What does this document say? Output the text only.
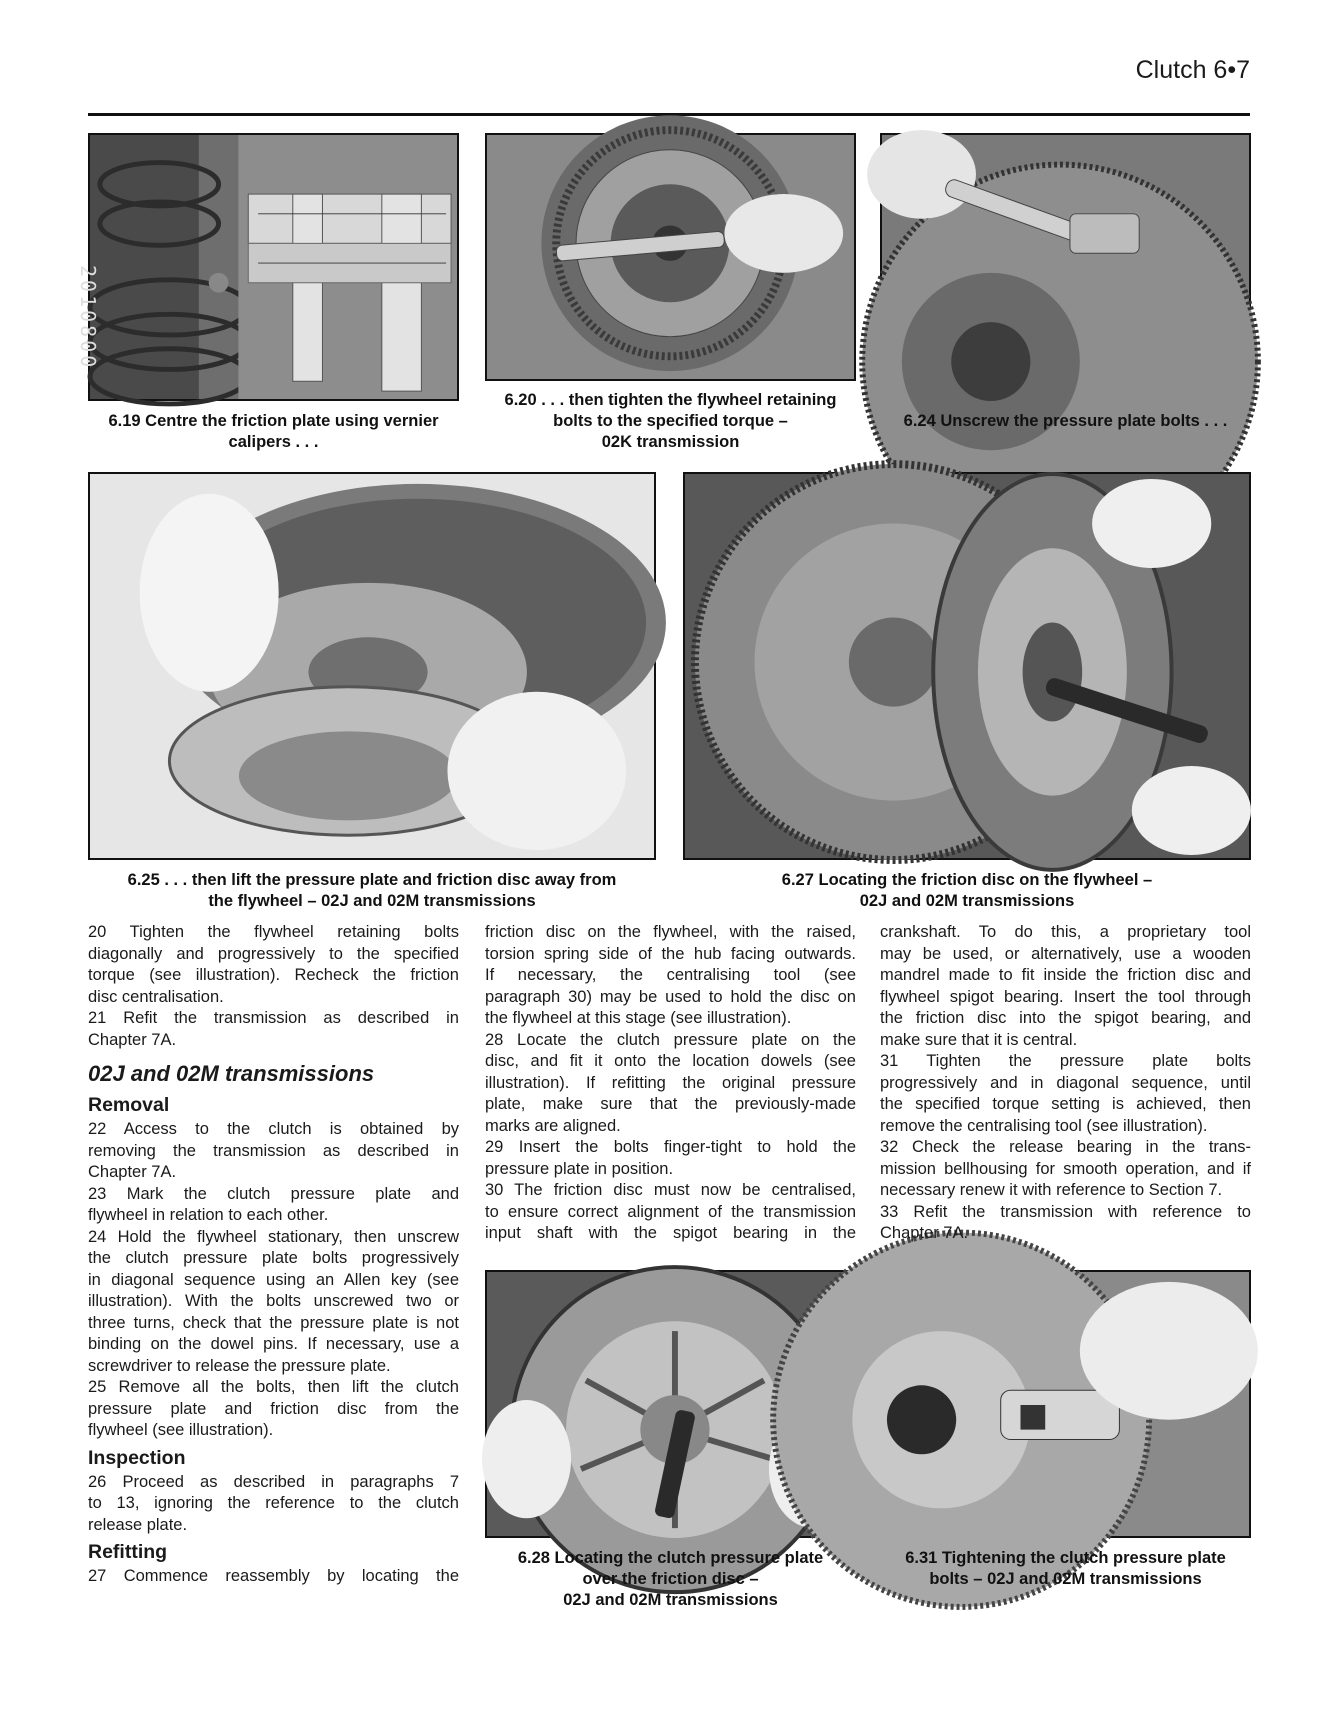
Clutch 6•7
2010800
6.19 Centre the friction plate using vernier
calipers . . .
6.20 . . . then tighten the flywheel retaining
bolts to the specified torque –
02K transmission
6.24 Unscrew the pressure plate bolts . . .
6.25 . . . then lift the pressure plate and friction disc away from
the flywheel – 02J and 02M transmissions
6.27 Locating the friction disc on the flywheel –
02J and 02M transmissions
6.28 Locating the clutch pressure plate
over the friction disc –
02J and 02M transmissions
6.31 Tightening the clutch pressure plate
bolts – 02J and 02M transmissions

20 Tighten the flywheel retaining bolts
diagonally and progressively to the specified
torque (see illustration). Recheck the friction
disc centralisation.

21 Refit the transmission as described in
Chapter 7A.

02J and 02M transmissions
Removal

22 Access to the clutch is obtained by
removing the transmission as described in
Chapter 7A.

23 Mark the clutch pressure plate and
flywheel in relation to each other.

24 Hold the flywheel stationary, then unscrew
the clutch pressure plate bolts progressively
in diagonal sequence using an Allen key (see
illustration). With the bolts unscrewed two or
three turns, check that the pressure plate is not
binding on the dowel pins. If necessary, use a
screwdriver to release the pressure plate.

25 Remove all the bolts, then lift the clutch
pressure plate and friction disc from the
flywheel (see illustration).

Inspection

26 Proceed as described in paragraphs 7
to 13, ignoring the reference to the clutch
release plate.

Refitting

27 Commence reassembly by locating the

friction disc on the flywheel, with the raised,
torsion spring side of the hub facing outwards.
If necessary, the centralising tool (see
paragraph 30) may be used to hold the disc on
the flywheel at this stage (see illustration).

28 Locate the clutch pressure plate on the
disc, and fit it onto the location dowels (see
illustration). If refitting the original pressure
plate, make sure that the previously-made
marks are aligned.

29 Insert the bolts finger-tight to hold the
pressure plate in position.

30 The friction disc must now be centralised,
to ensure correct alignment of the transmission
input shaft with the spigot bearing in the

crankshaft. To do this, a proprietary tool
may be used, or alternatively, use a wooden
mandrel made to fit inside the friction disc and
flywheel spigot bearing. Insert the tool through
the friction disc into the spigot bearing, and
make sure that it is central.

31 Tighten the pressure plate bolts
progressively and in diagonal sequence, until
the specified torque setting is achieved, then
remove the centralising tool (see illustration).

32 Check the release bearing in the trans-
mission bellhousing for smooth operation, and if
necessary renew it with reference to Section 7.

33 Refit the transmission with reference to
Chapter 7A.
